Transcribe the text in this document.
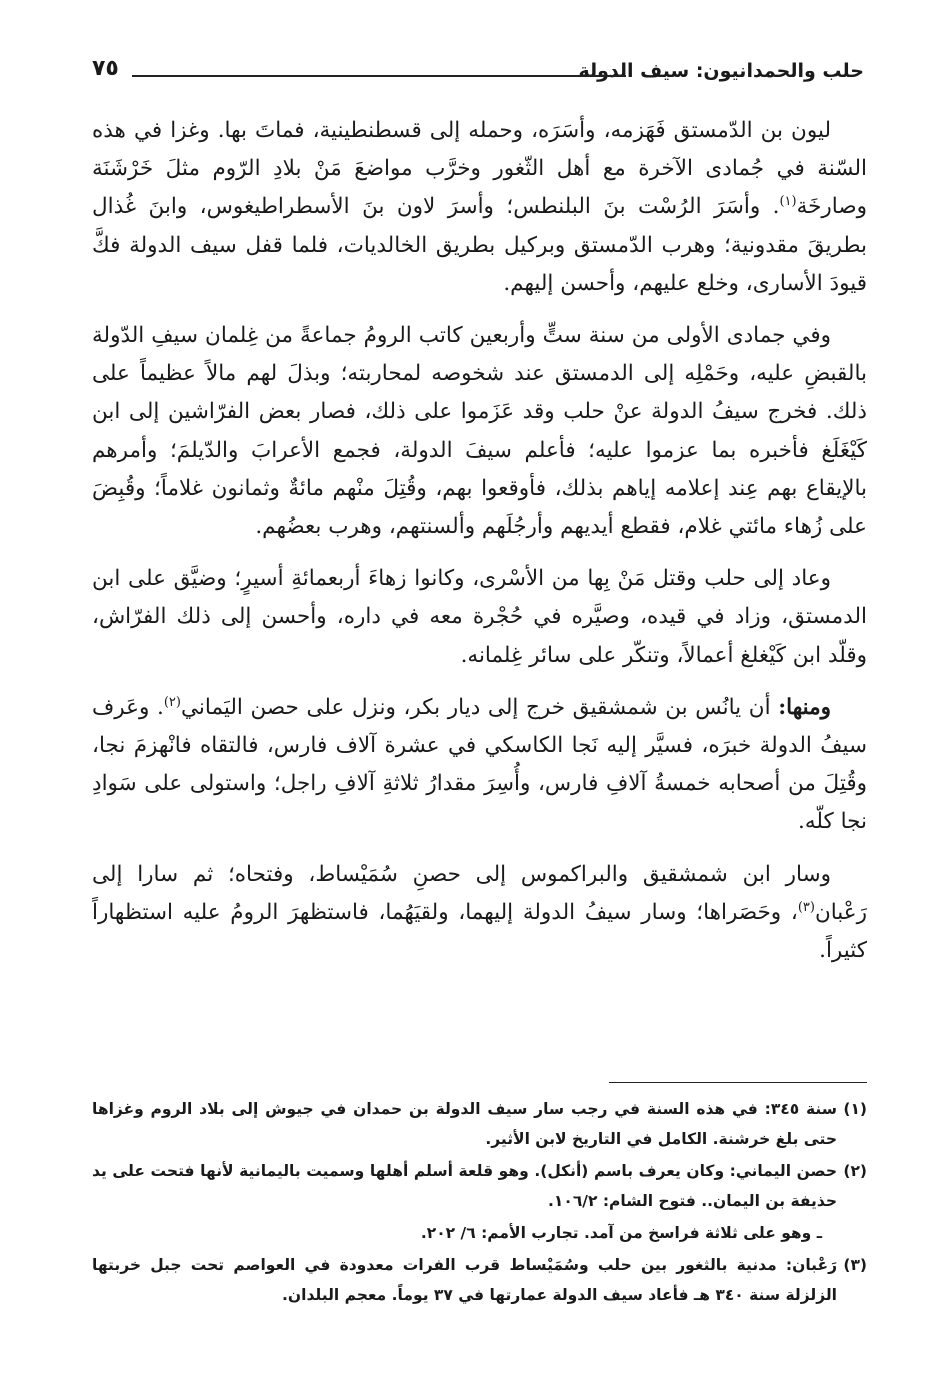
حلب والحمدانيون: سيف الدولة
٧٥

ليون بن الدّمستق فَهَزمه، وأسَرَه، وحمله إلى قسطنطينية، فماتَ بها. وغزا في هذه السّنة في جُمادى الآخرة مع أهل الثّغور وخرَّب مواضعَ مَنْ بلادِ الرّوم مثلَ خَرْشَنَة وصارخَة$^{(١)}$. وأسَرَ الرُسْت بنَ البلنطس؛ وأسرَ لاون بنَ الأسطراطيغوس، وابنَ غُذال بطريقَ مقدونية؛ وهرب الدّمستق وبركيل بطريق الخالديات، فلما قفل سيف الدولة فكَّ قيودَ الأسارى، وخلع عليهم، وأحسن إليهم.

وفي جمادى الأولى من سنة ستٍّ وأربعين كاتب الرومُ جماعةً من غِلمان سيفِ الدّولة بالقبضِ عليه، وحَمْلِه إلى الدمستق عند شخوصه لمحاربته؛ وبذلَ لهم مالاً عظيماً على ذلك. فخرج سيفُ الدولة عنْ حلب وقد عَزَموا على ذلك، فصار بعض الفرّاشين إلى ابن كَيْغَلَغ فأخبره بما عزموا عليه؛ فأعلم سيفَ الدولة، فجمع الأعرابَ والدّيلمَ؛ وأمرهم بالإيقاع بهم عِند إعلامه إياهم بذلك، فأوقعوا بهم، وقُتِلَ منْهم مائةٌ وثمانون غلاماً؛ وقُبِضَ على زُهاء مائتي غلام، فقطع أيديهم وأرجُلَهم وألسنتهم، وهرب بعضُهم.

وعاد إلى حلب وقتل مَنْ بِها من الأسْرى، وكانوا زهاءَ أربعمائةِ أسيرٍ؛ وضيَّق على ابن الدمستق، وزاد في قيده، وصيَّره في حُجْرة معه في داره، وأحسن إلى ذلك الفرّاش، وقلّد ابن كَيْغلغ أعمالاً، وتنكّر على سائر غِلمانه.

ومنها: أن يانُس بن شمشقيق خرج إلى ديار بكر، ونزل على حصن اليَماني$^{(٢)}$. وعَرف سيفُ الدولة خبرَه، فسيَّر إليه نَجا الكاسكي في عشرة آلاف فارس، فالتقاه فانْهزمَ نجا، وقُتِلَ من أصحابه خمسةُ آلافِ فارس، وأُسِرَ مقدارُ ثلاثةِ آلافِ راجل؛ واستولى على سَوادِ نجا كلّه.

وسار ابن شمشقيق والبراكموس إلى حصنِ سُمَيْساط، وفتحاه؛ ثم سارا إلى رَعْبان$^{(٣)}$، وحَصَراها؛ وسار سيفُ الدولة إليهما، ولقيَهُما، فاستظهرَ الرومُ عليه استظهاراً كثيراً.

(١)
سنة ٣٤٥: في هذه السنة في رجب سار سيف الدولة بن حمدان في جيوش إلى بلاد الروم وغزاها حتى بلغ خرشنة. الكامل في التاريخ لابن الأثير.

(٢)
حصن اليماني: وكان يعرف باسم (أنكل). وهو قلعة أسلم أهلها وسميت باليمانية لأنها فتحت على يد حذيفة بن اليمان.. فتوح الشام: ١٠٦/٢.

ـ وهو على ثلاثة فراسخ من آمد. تجارب الأمم: ٦/ ٢٠٢.

(٣)
رَعْبان: مدنية بالثغور بين حلب وسُمَيْساط قرب الفرات معدودة في العواصم تحت جبل خربتها الزلزلة سنة ٣٤٠ هـ فأعاد سيف الدولة عمارتها في ٣٧ يوماً. معجم البلدان.
